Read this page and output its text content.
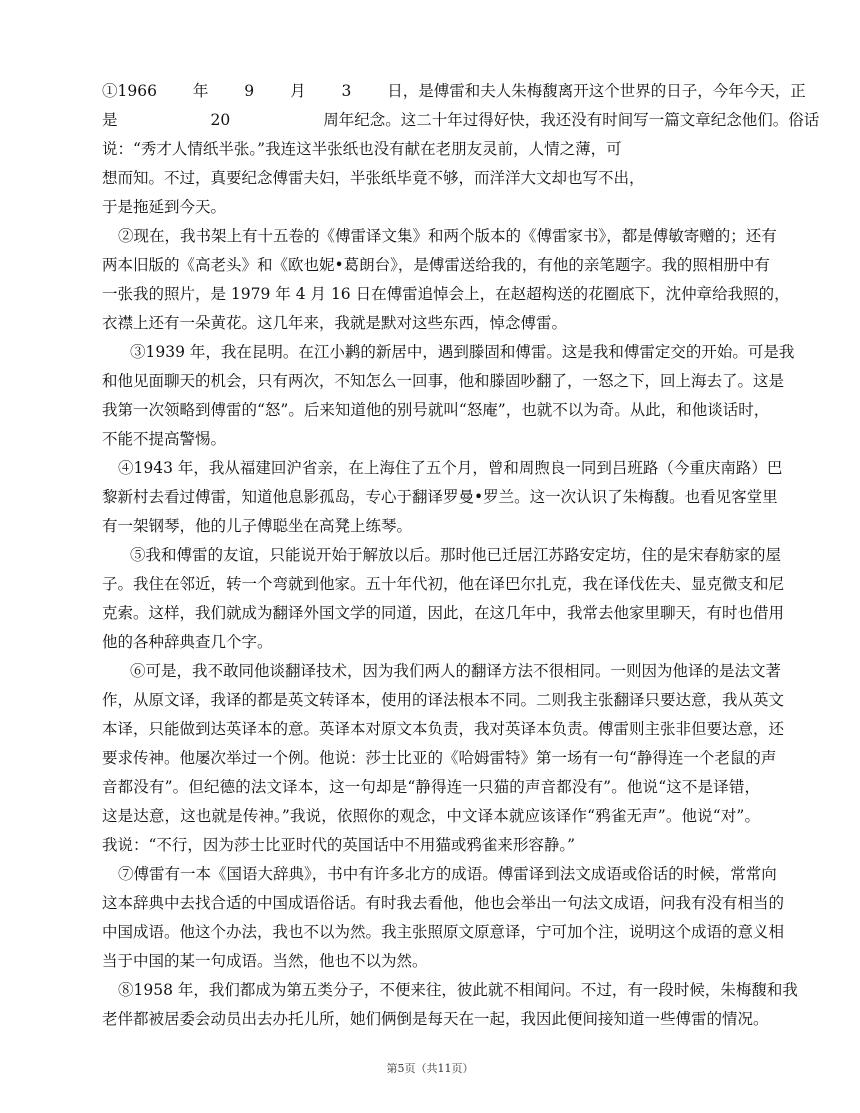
①1966　　 年　　 9　　 月　　 3　　 日，是傅雷和夫人朱梅馥离开这个世界的日子，今年今天，正
是　　　　　　20　　　　　　周年纪念。这二十年过得好快，我还没有时间写一篇文章纪念他们。俗话
说：“秀才人情纸半张。”我连这半张纸也没有献在老朋友灵前，人情之薄，可
想而知。不过，真要纪念傅雷夫妇，半张纸毕竟不够，而洋洋大文却也写不出，
于是拖延到今天。
②现在，我书架上有十五卷的《傅雷译文集》和两个版本的《傅雷家书》，都是傅敏寄赠的；还有
两本旧版的《高老头》和《欧也妮•葛朗台》，是傅雷送给我的，有他的亲笔题字。我的照相册中有
一张我的照片，是 1979 年 4 月 16 日在傅雷追悼会上，在赵超构送的花圈底下，沈仲章给我照的，
衣襟上还有一朵黄花。这几年来，我就是默对这些东西，悼念傅雷。
③1939 年，我在昆明。在江小鹣的新居中，遇到滕固和傅雷。这是我和傅雷定交的开始。可是我
和他见面聊天的机会，只有两次，不知怎么一回事，他和滕固吵翻了，一怒之下，回上海去了。这是
我第一次领略到傅雷的“怒”。后来知道他的别号就叫“怒庵”，也就不以为奇。从此，和他谈话时，
不能不提高警惕。
④1943 年，我从福建回沪省亲，在上海住了五个月，曾和周煦良一同到吕班路（今重庆南路）巴
黎新村去看过傅雷，知道他息影孤岛，专心于翻译罗曼•罗兰。这一次认识了朱梅馥。也看见客堂里
有一架钢琴，他的儿子傅聪坐在高凳上练琴。
⑤我和傅雷的友谊，只能说开始于解放以后。那时他已迁居江苏路安定坊，住的是宋春舫家的屋
子。我住在邻近，转一个弯就到他家。五十年代初，他在译巴尔扎克，我在译伐佐夫、显克微支和尼
克索。这样，我们就成为翻译外国文学的同道，因此，在这几年中，我常去他家里聊天，有时也借用
他的各种辞典查几个字。
⑥可是，我不敢同他谈翻译技术，因为我们两人的翻译方法不很相同。一则因为他译的是法文著
作，从原文译，我译的都是英文转译本，使用的译法根本不同。二则我主张翻译只要达意，我从英文
本译，只能做到达英译本的意。英译本对原文本负责，我对英译本负责。傅雷则主张非但要达意，还
要求传神。他屡次举过一个例。他说：莎士比亚的《哈姆雷特》第一场有一句“静得连一个老鼠的声
音都没有”。但纪德的法文译本，这一句却是“静得连一只猫的声音都没有”。他说“这不是译错，
这是达意，这也就是传神。”我说，依照你的观念，中文译本就应该译作“鸦雀无声”。他说“对”。
我说：“不行，因为莎士比亚时代的英国话中不用猫或鸦雀来形容静。”
⑦傅雷有一本《国语大辞典》，书中有许多北方的成语。傅雷译到法文成语或俗话的时候，常常向
这本辞典中去找合适的中国成语俗话。有时我去看他，他也会举出一句法文成语，问我有没有相当的
中国成语。他这个办法，我也不以为然。我主张照原文原意译，宁可加个注，说明这个成语的意义相
当于中国的某一句成语。当然，他也不以为然。
⑧1958 年，我们都成为第五类分子，不便来往，彼此就不相闻问。不过，有一段时候，朱梅馥和我
老伴都被居委会动员出去办托儿所，她们俩倒是每天在一起，我因此便间接知道一些傅雷的情况。
第5页（共11页）
